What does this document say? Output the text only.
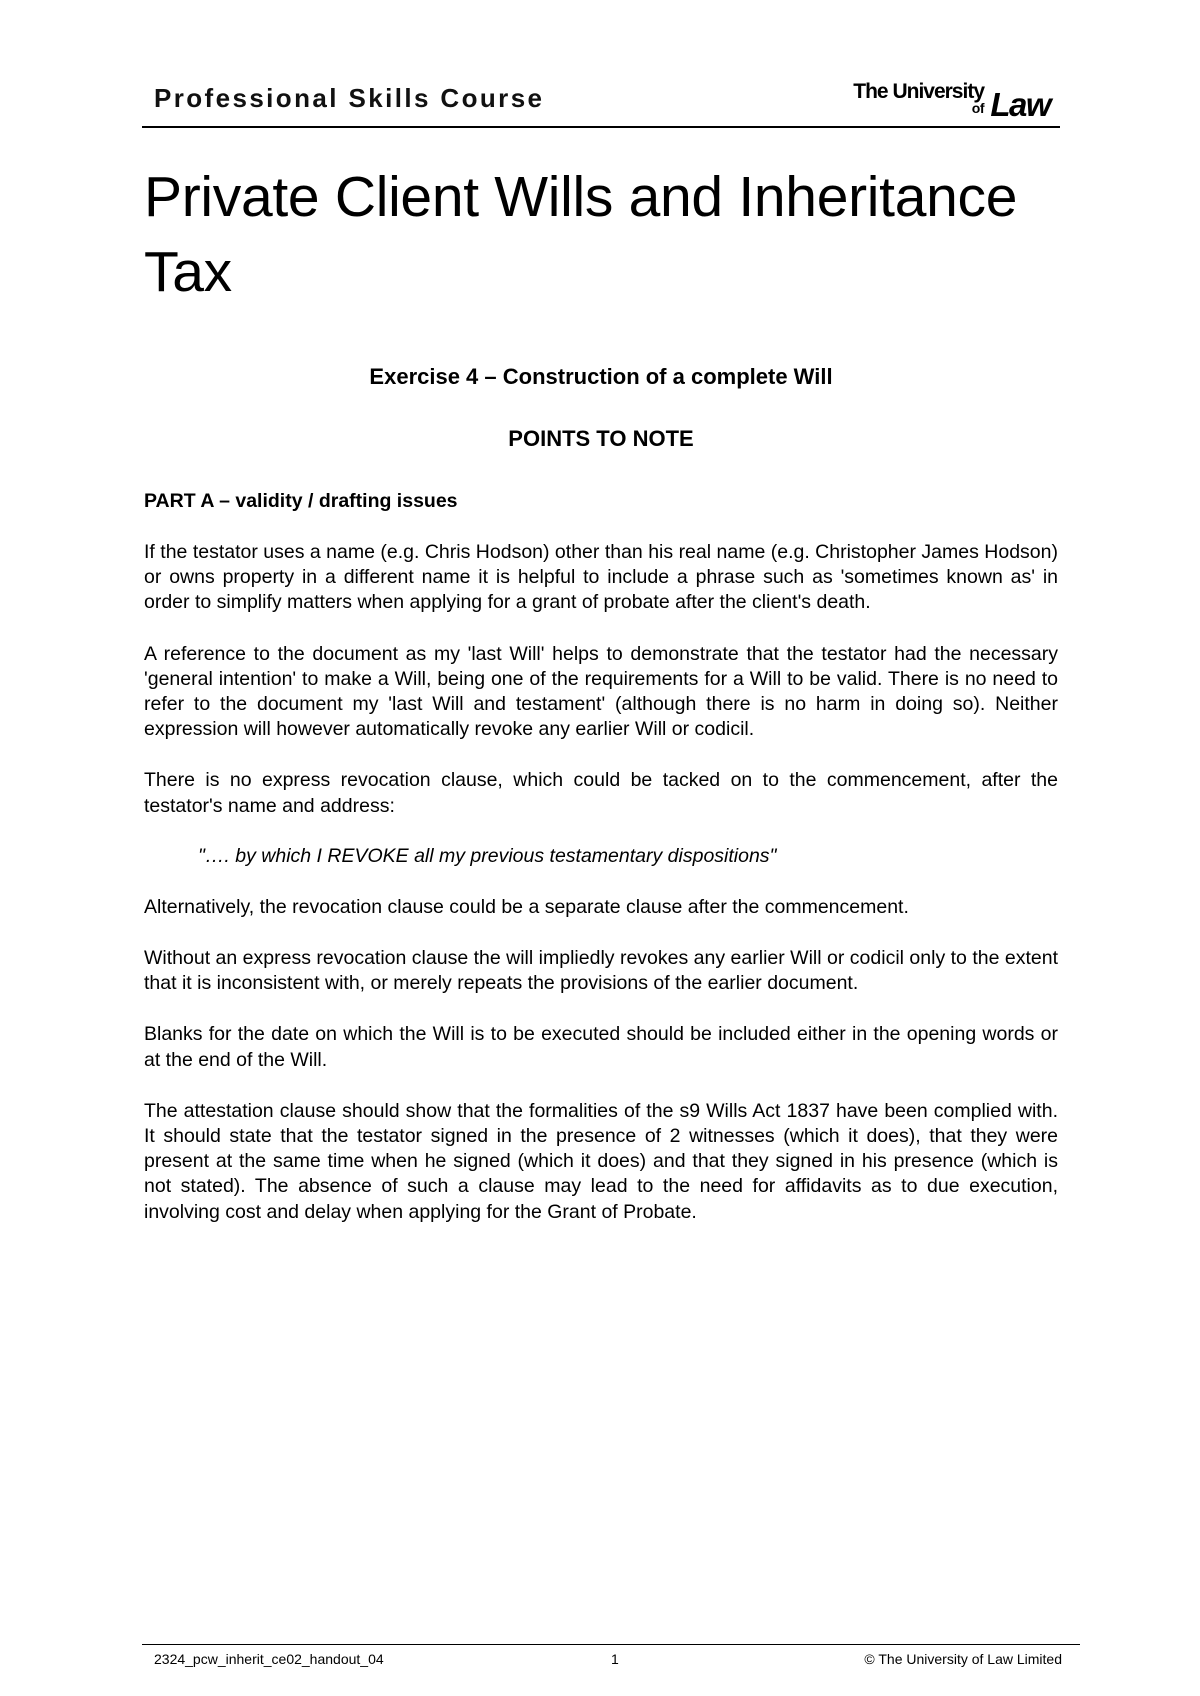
Professional Skills Course	The University
of Law
Private Client Wills and Inheritance Tax
Exercise 4 – Construction of a complete Will
POINTS TO NOTE
PART A – validity / drafting issues

If the testator uses a name (e.g. Chris Hodson) other than his real name (e.g. Christopher James Hodson) or owns property in a different name it is helpful to include a phrase such as 'sometimes known as' in order to simplify matters when applying for a grant of probate after the client's death.

A reference to the document as my 'last Will' helps to demonstrate that the testator had the necessary 'general intention' to make a Will, being one of the requirements for a Will to be valid. There is no need to refer to the document my 'last Will and testament' (although there is no harm in doing so). Neither expression will however automatically revoke any earlier Will or codicil.

There is no express revocation clause, which could be tacked on to the commencement, after the testator's name and address:

"…. by which I REVOKE all my previous testamentary dispositions"

Alternatively, the revocation clause could be a separate clause after the commencement.

Without an express revocation clause the will impliedly revokes any earlier Will or codicil only to the extent that it is inconsistent with, or merely repeats the provisions of the earlier document.

Blanks for the date on which the Will is to be executed should be included either in the opening words or at the end of the Will.

The attestation clause should show that the formalities of the s9 Wills Act 1837 have been complied with. It should state that the testator signed in the presence of 2 witnesses (which it does), that they were present at the same time when he signed (which it does) and that they signed in his presence (which is not stated). The absence of such a clause may lead to the need for affidavits as to due execution, involving cost and delay when applying for the Grant of Probate.

2324_pcw_inherit_ce02_handout_04	1	© The University of Law Limited
